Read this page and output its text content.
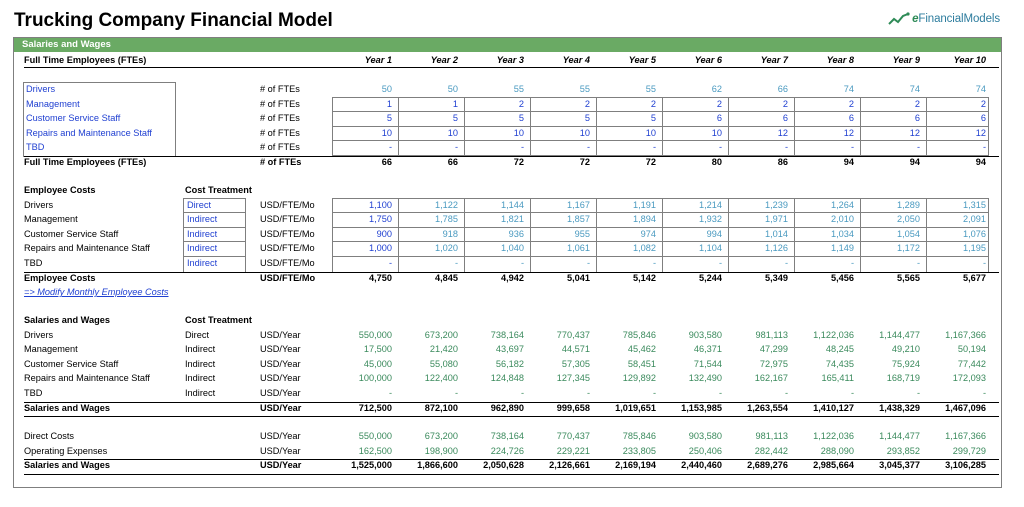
Trucking Company Financial Model	eFinancialModels
Salaries and Wages
Full Time Employees (FTEs)	Year 1	Year 2	Year 3	Year 4	Year 5	Year 6	Year 7	Year 8	Year 9	Year 10
Drivers	# of FTEs	50	50	55	55	55	62	66	74	74	74
Management	# of FTEs	1	1	2	2	2	2	2	2	2	2
Customer Service Staff	# of FTEs	5	5	5	5	5	6	6	6	6	6
Repairs and Maintenance Staff	# of FTEs	10	10	10	10	10	10	12	12	12	12
TBD	# of FTEs	-	-	-	-	-	-	-	-	-	-
Full Time Employees (FTEs)	# of FTEs	66	66	72	72	72	80	86	94	94	94
Employee Costs	Cost Treatment
Drivers	Direct	USD/FTE/Mo	1,100	1,122	1,144	1,167	1,191	1,214	1,239	1,264	1,289	1,315
Management	Indirect	USD/FTE/Mo	1,750	1,785	1,821	1,857	1,894	1,932	1,971	2,010	2,050	2,091
Customer Service Staff	Indirect	USD/FTE/Mo	900	918	936	955	974	994	1,014	1,034	1,054	1,076
Repairs and Maintenance Staff	Indirect	USD/FTE/Mo	1,000	1,020	1,040	1,061	1,082	1,104	1,126	1,149	1,172	1,195
TBD	Indirect	USD/FTE/Mo	-	-	-	-	-	-	-	-	-	-
Employee Costs	USD/FTE/Mo	4,750	4,845	4,942	5,041	5,142	5,244	5,349	5,456	5,565	5,677
=> Modify Monthly Employee Costs
Salaries and Wages	Cost Treatment
Drivers	Direct	USD/Year	550,000	673,200	738,164	770,437	785,846	903,580	981,113	1,122,036	1,144,477	1,167,366
Management	Indirect	USD/Year	17,500	21,420	43,697	44,571	45,462	46,371	47,299	48,245	49,210	50,194
Customer Service Staff	Indirect	USD/Year	45,000	55,080	56,182	57,305	58,451	71,544	72,975	74,435	75,924	77,442
Repairs and Maintenance Staff	Indirect	USD/Year	100,000	122,400	124,848	127,345	129,892	132,490	162,167	165,411	168,719	172,093
TBD	Indirect	USD/Year	-	-	-	-	-	-	-	-	-	-
Salaries and Wages	USD/Year	712,500	872,100	962,890	999,658	1,019,651	1,153,985	1,263,554	1,410,127	1,438,329	1,467,096
Direct Costs	USD/Year	550,000	673,200	738,164	770,437	785,846	903,580	981,113	1,122,036	1,144,477	1,167,366
Operating Expenses	USD/Year	162,500	198,900	224,726	229,221	233,805	250,406	282,442	288,090	293,852	299,729
Salaries and Wages	USD/Year	1,525,000	1,866,600	2,050,628	2,126,661	2,169,194	2,440,460	2,689,276	2,985,664	3,045,377	3,106,285
